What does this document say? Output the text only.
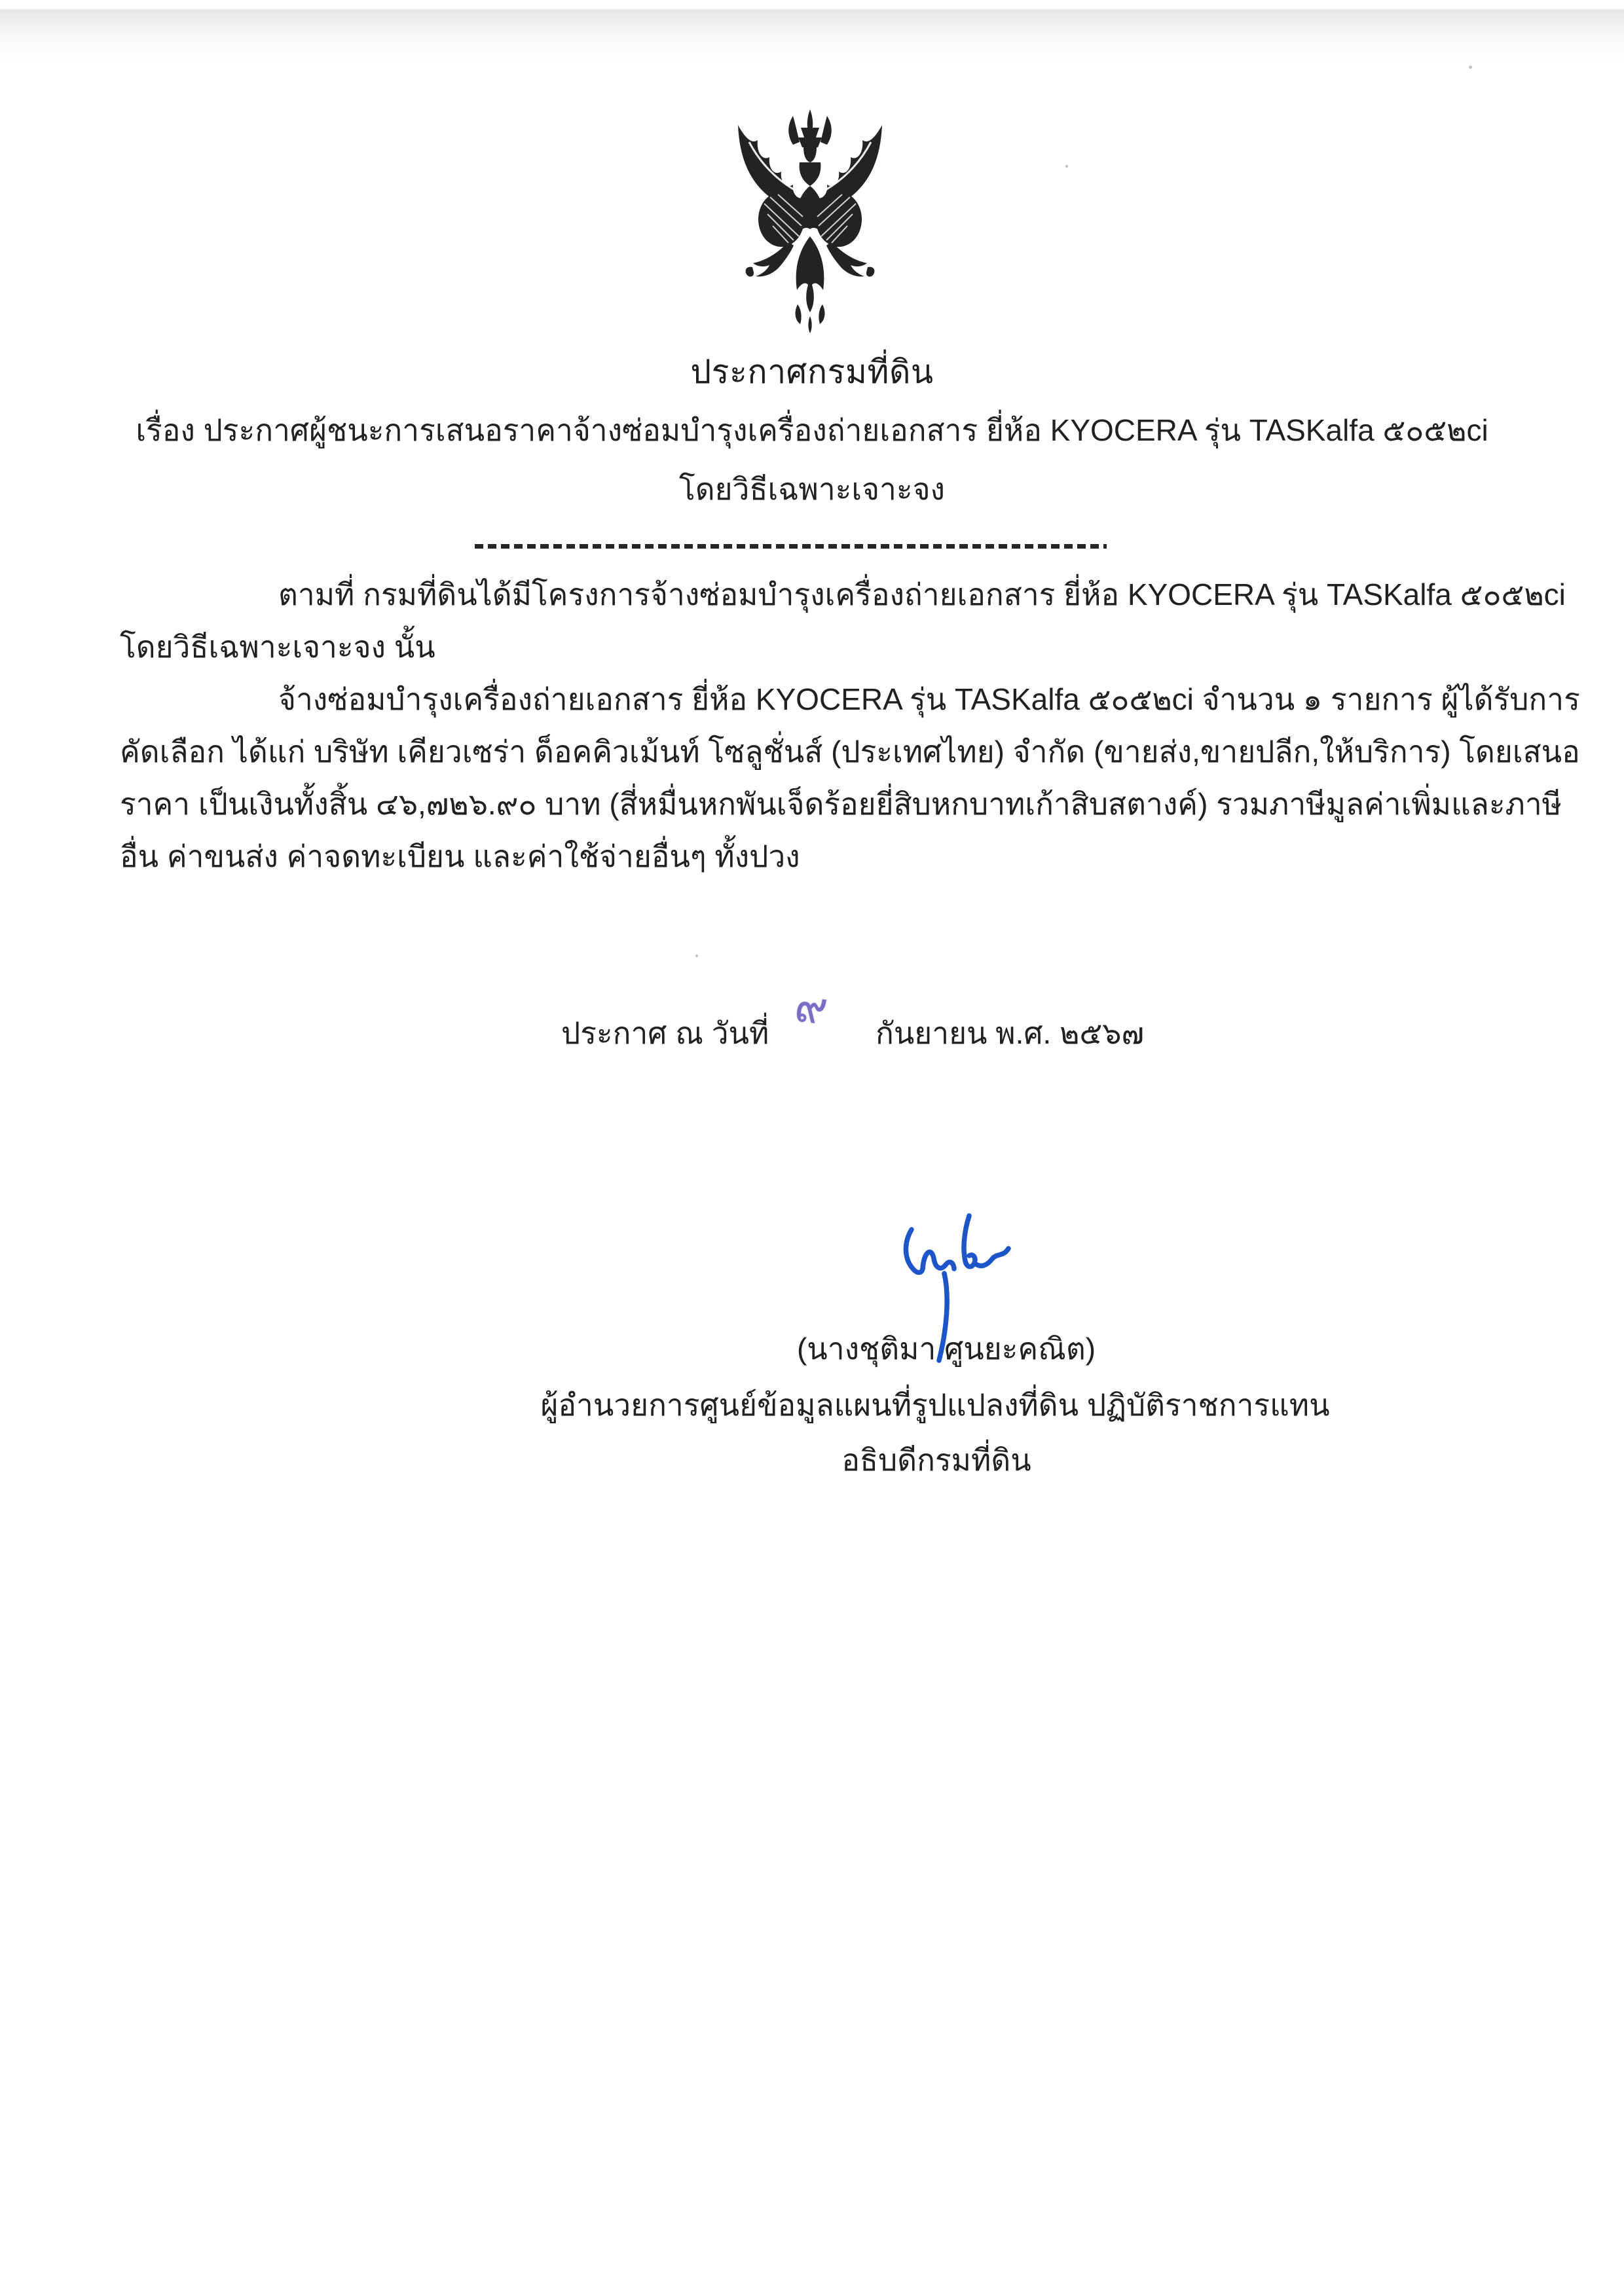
ประกาศกรมที่ดิน
เรื่อง ประกาศผู้ชนะการเสนอราคาจ้างซ่อมบำรุงเครื่องถ่ายเอกสาร ยี่ห้อ KYOCERA รุ่น TASKalfa ๕๐๕๒ci
โดยวิธีเฉพาะเจาะจง
ตามที่ กรมที่ดินได้มีโครงการจ้างซ่อมบำรุงเครื่องถ่ายเอกสาร ยี่ห้อ KYOCERA รุ่น TASKalfa ๕๐๕๒ci
โดยวิธีเฉพาะเจาะจง นั้น
จ้างซ่อมบำรุงเครื่องถ่ายเอกสาร ยี่ห้อ KYOCERA รุ่น TASKalfa ๕๐๕๒ci จำนวน ๑ รายการ ผู้ได้รับการ
คัดเลือก ได้แก่ บริษัท เคียวเซร่า ด็อคคิวเม้นท์ โซลูชั่นส์ (ประเทศไทย) จำกัด (ขายส่ง,ขายปลีก,ให้บริการ) โดยเสนอ
ราคา เป็นเงินทั้งสิ้น ๔๖,๗๒๖.๙๐ บาท (สี่หมื่นหกพันเจ็ดร้อยยี่สิบหกบาทเก้าสิบสตางค์) รวมภาษีมูลค่าเพิ่มและภาษี
อื่น ค่าขนส่ง ค่าจดทะเบียน และค่าใช้จ่ายอื่นๆ ทั้งปวง
ประกาศ ณ วันที่ ๙ กันยายน พ.ศ. ๒๕๖๗
(นางชุติมา ศูนยะคณิต)
ผู้อำนวยการศูนย์ข้อมูลแผนที่รูปแปลงที่ดิน ปฏิบัติราชการแทน
อธิบดีกรมที่ดิน
